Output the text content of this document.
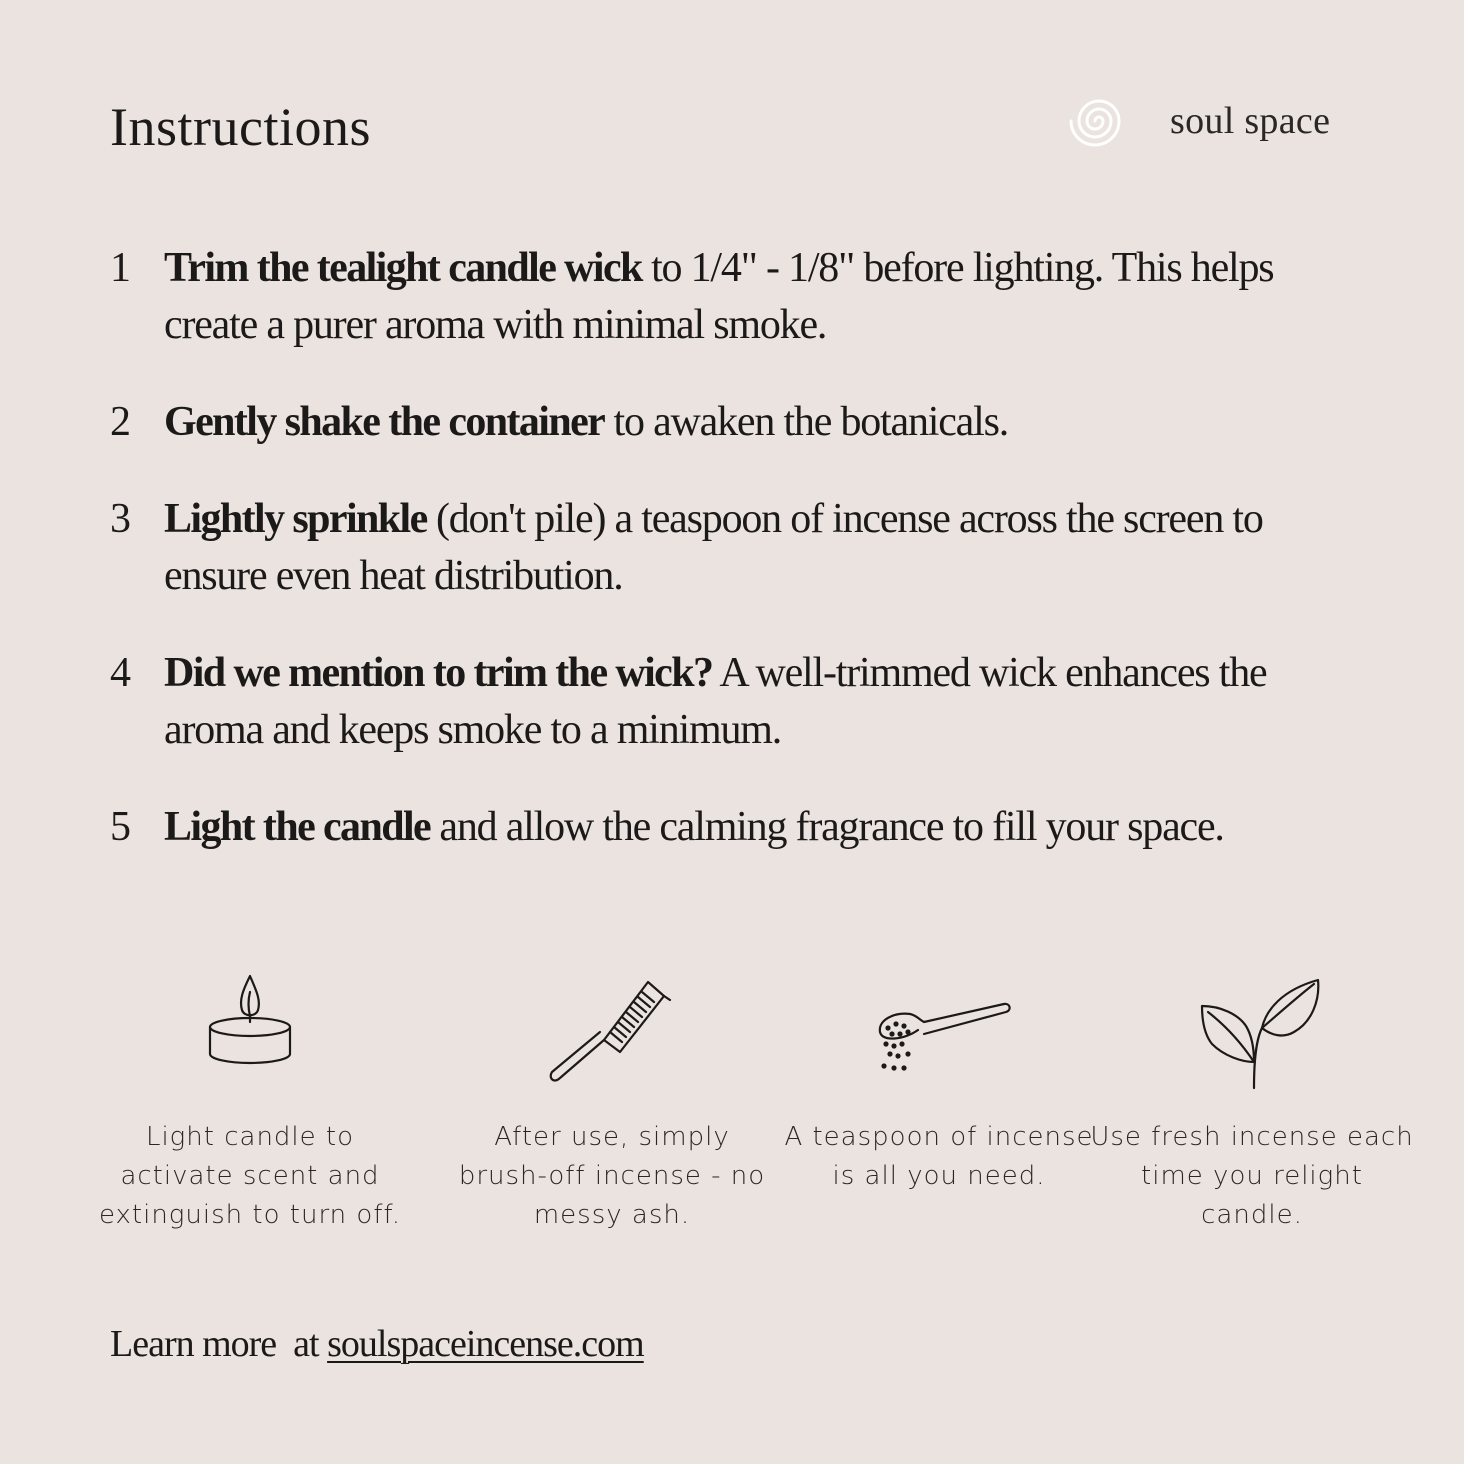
Instructions	soul space
1 Trim the tealight candle wick to 1/4" - 1/8" before lighting. This helps create a purer aroma with minimal smoke.
2 Gently shake the container to awaken the botanicals.
3 Lightly sprinkle (don't pile) a teaspoon of incense across the screen to ensure even heat distribution.
4 Did we mention to trim the wick? A well-trimmed wick enhances the aroma and keeps smoke to a minimum.
5 Light the candle and allow the calming fragrance to fill your space.
Light candle to activate scent and extinguish to turn off.
After use, simply brush-off incense - no messy ash.
A teaspoon of incense is all you need.
Use fresh incense each time you relight candle.
Learn more  at soulspaceincense.com
